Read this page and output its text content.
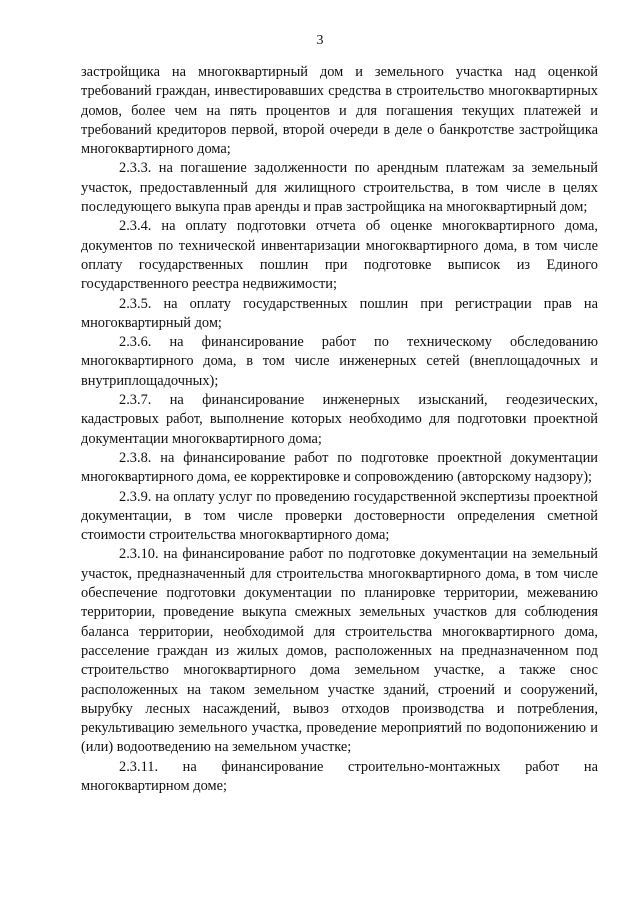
3

застройщика на многоквартирный дом и земельного участка над оценкой требований граждан, инвестировавших средства в строительство многоквартирных домов, более чем на пять процентов и для погашения текущих платежей и требований кредиторов первой, второй очереди в деле о банкротстве застройщика многоквартирного дома;

2.3.3. на погашение задолженности по арендным платежам за земельный участок, предоставленный для жилищного строительства, в том числе в целях последующего выкупа прав аренды и прав застройщика на многоквартирный дом;

2.3.4. на оплату подготовки отчета об оценке многоквартирного дома, документов по технической инвентаризации многоквартирного дома, в том числе оплату государственных пошлин при подготовке выписок из Единого государственного реестра недвижимости;

2.3.5. на оплату государственных пошлин при регистрации прав на многоквартирный дом;

2.3.6. на финансирование работ по техническому обследованию многоквартирного дома, в том числе инженерных сетей (внеплощадочных и внутриплощадочных);

2.3.7. на финансирование инженерных изысканий, геодезических, кадастровых работ, выполнение которых необходимо для подготовки проектной документации многоквартирного дома;

2.3.8. на финансирование работ по подготовке проектной документации многоквартирного дома, ее корректировке и сопровождению (авторскому надзору);

2.3.9. на оплату услуг по проведению государственной экспертизы проектной документации, в том числе проверки достоверности определения сметной стоимости строительства многоквартирного дома;

2.3.10. на финансирование работ по подготовке документации на земельный участок, предназначенный для строительства многоквартирного дома, в том числе обеспечение подготовки документации по планировке территории, межеванию территории, проведение выкупа смежных земельных участков для соблюдения баланса территории, необходимой для строительства многоквартирного дома, расселение граждан из жилых домов, расположенных на предназначенном под строительство многоквартирного дома земельном участке, а также снос расположенных на таком земельном участке зданий, строений и сооружений, вырубку лесных насаждений, вывоз отходов производства и потребления, рекультивацию земельного участка, проведение мероприятий по водопонижению и (или) водоотведению на земельном участке;

2.3.11. на финансирование строительно-монтажных работ на многоквартирном доме;
